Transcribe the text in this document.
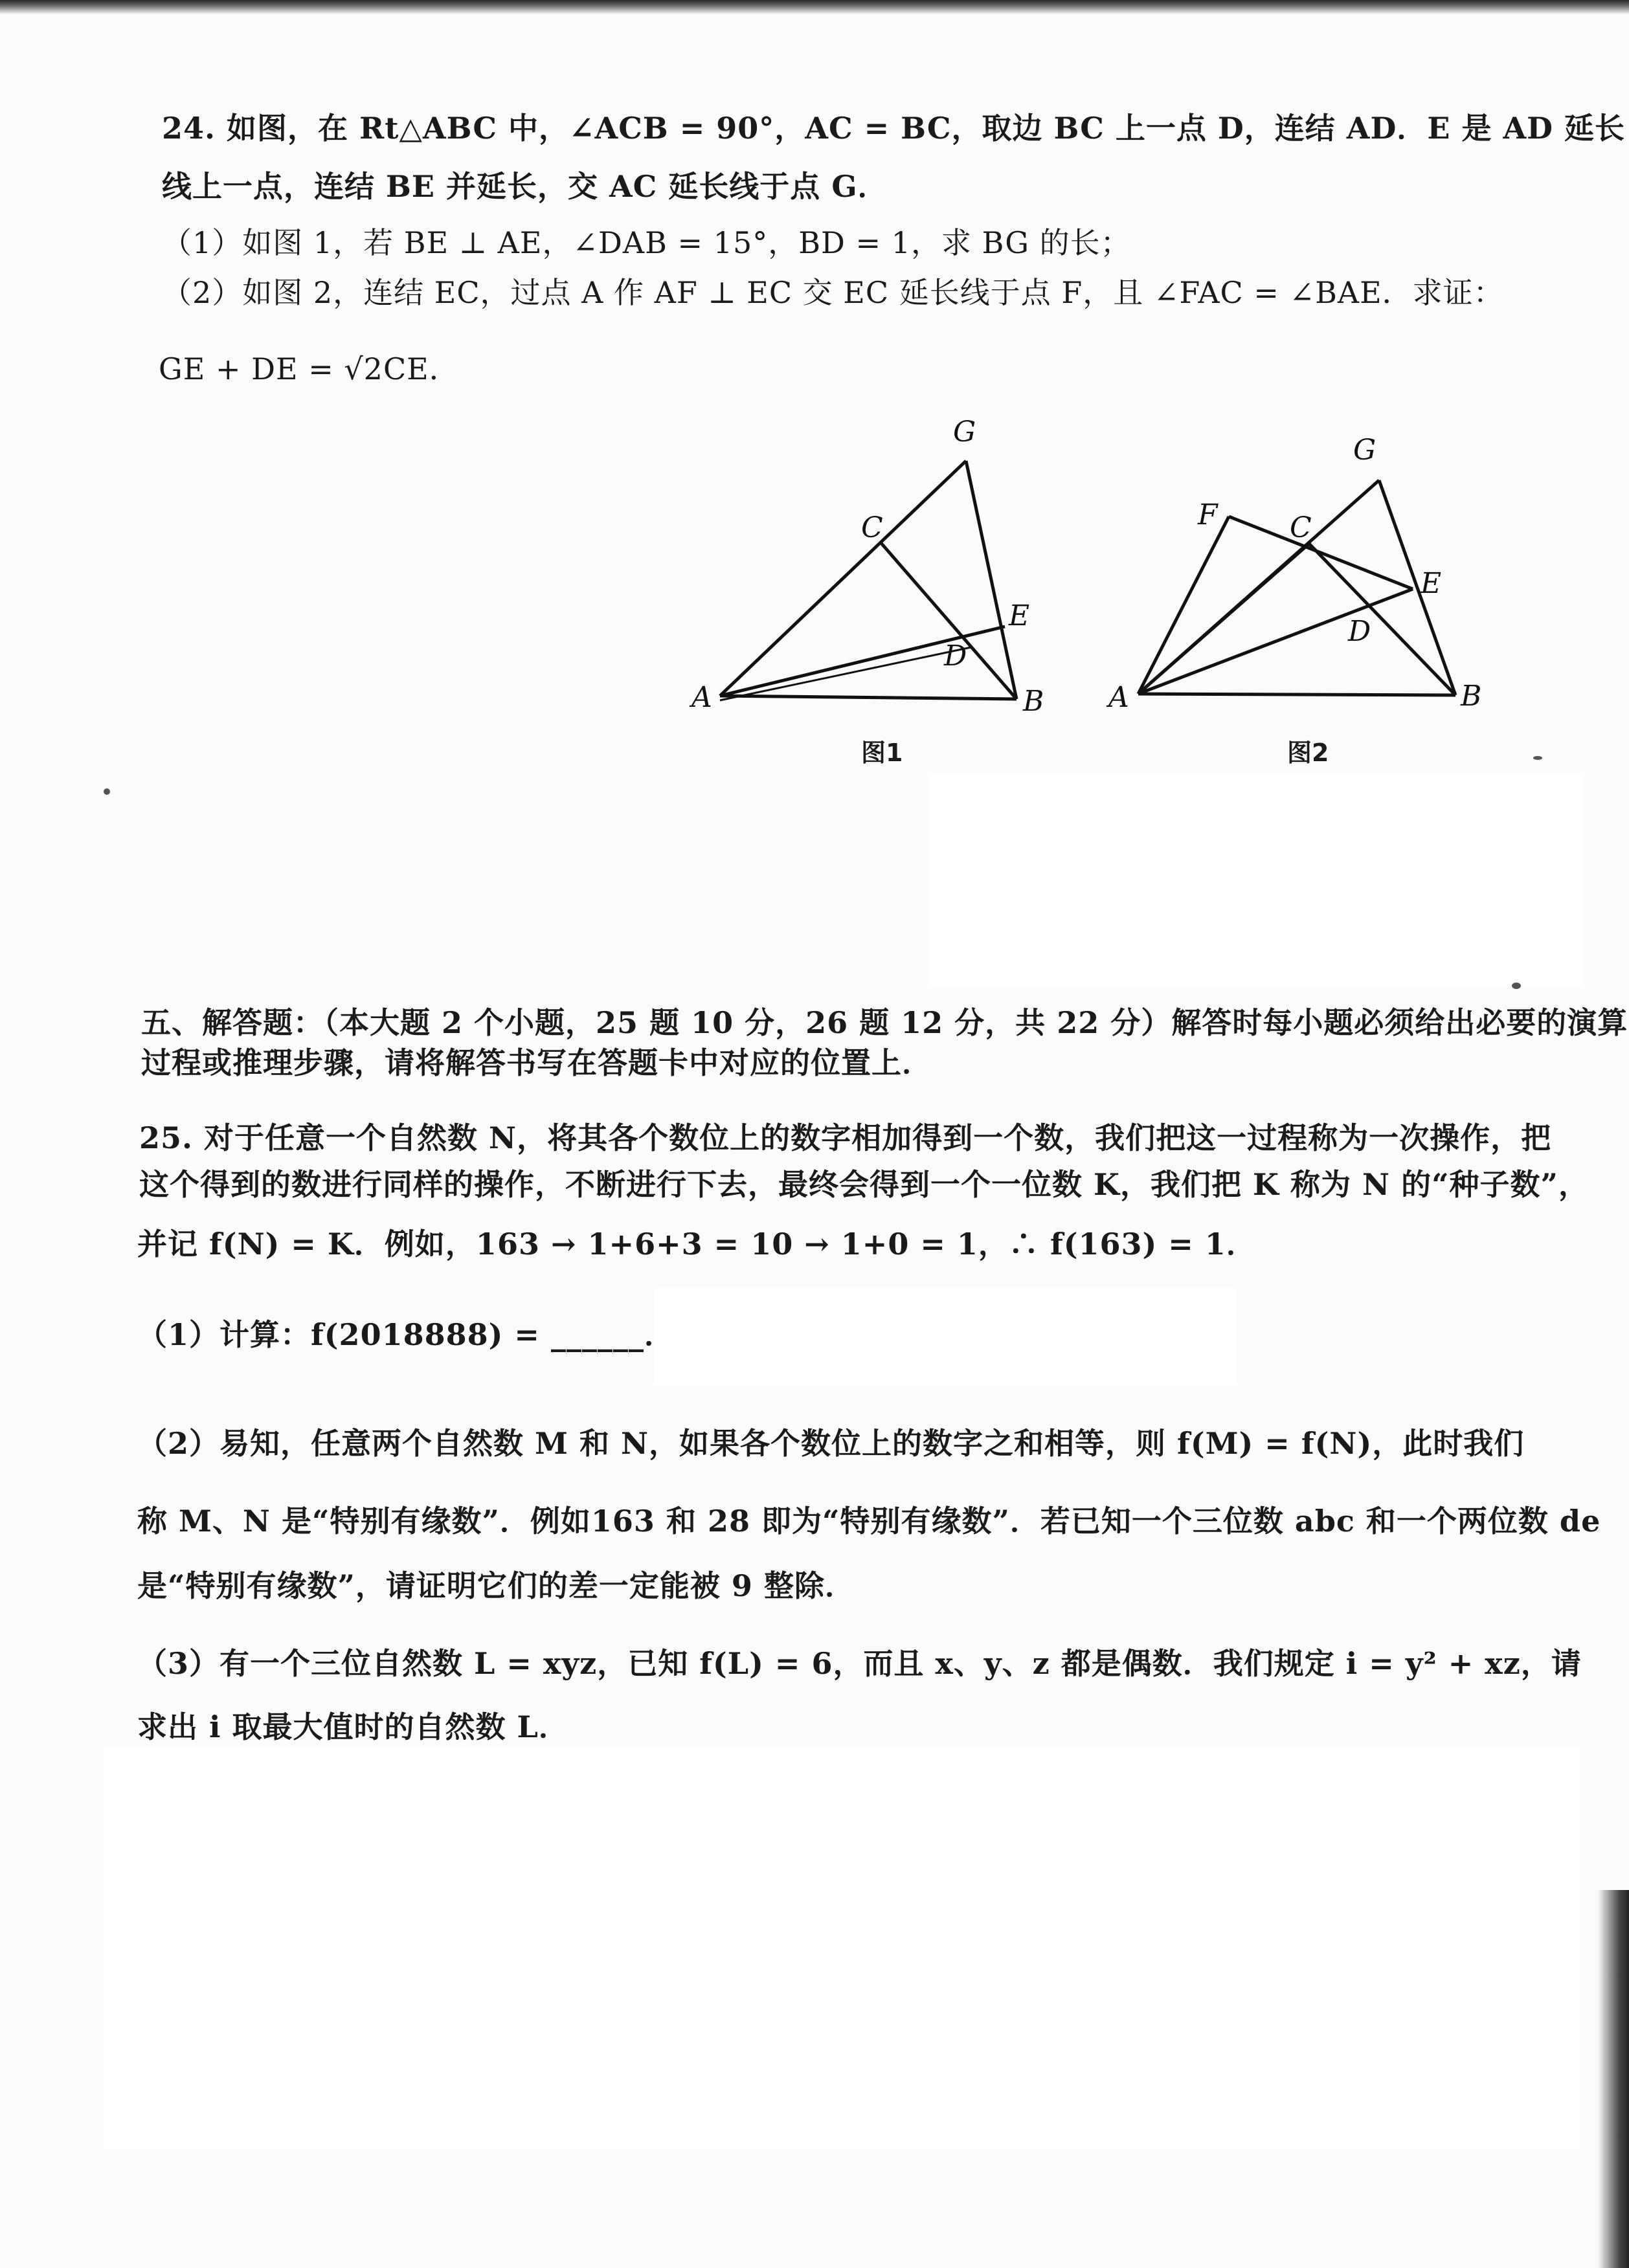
24. 如图，在 Rt△ABC 中，∠ACB = 90°，AC = BC，取边 BC 上一点 D，连结 AD．E 是 AD 延长
线上一点，连结 BE 并延长，交 AC 延长线于点 G．
（1）如图 1，若 BE ⊥ AE，∠DAB = 15°，BD = 1，求 BG 的长；
（2）如图 2，连结 EC，过点 A 作 AF ⊥ EC 交 EC 延长线于点 F，且 ∠FAC = ∠BAE．求证：
GE + DE = √2CE．
A	B
C
D
E
G
图1
A	B
C
D
E
F
G
图2
五、解答题：（本大题 2 个小题，25 题 10 分，26 题 12 分，共 22 分）解答时每小题必须给出必要的演算
过程或推理步骤，请将解答书写在答题卡中对应的位置上．
25. 对于任意一个自然数 N，将其各个数位上的数字相加得到一个数，我们把这一过程称为一次操作，把
这个得到的数进行同样的操作，不断进行下去，最终会得到一个一位数 K，我们把 K 称为 N 的“种子数”，
并记 f(N) = K．例如，163 → 1+6+3 = 10 → 1+0 = 1，∴ f(163) = 1．
（1）计算：f(2018888) = ______．
（2）易知，任意两个自然数 M 和 N，如果各个数位上的数字之和相等，则 f(M) = f(N)，此时我们
称 M、N 是“特别有缘数”．例如163 和 28 即为“特别有缘数”．若已知一个三位数 abc 和一个两位数 de
是“特别有缘数”，请证明它们的差一定能被 9 整除．
（3）有一个三位自然数 L = xyz，已知 f(L) = 6，而且 x、y、z 都是偶数．我们规定 i = y² + xz，请
求出 i 取最大值时的自然数 L．
